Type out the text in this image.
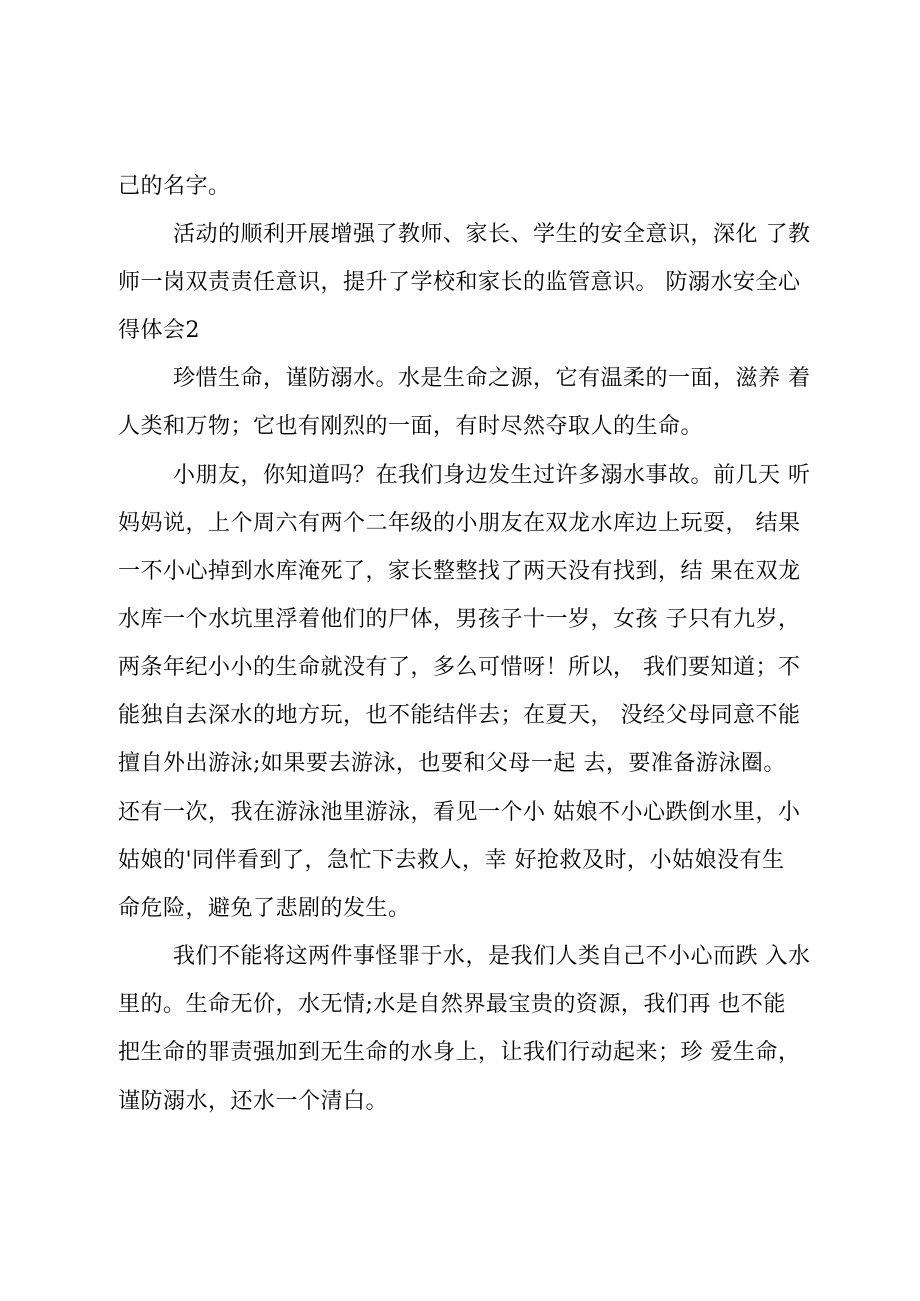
己的名字。
活动的顺利开展增强了教师、家长、学生的安全意识，深化 了教
师一岗双责责任意识，提升了学校和家长的监管意识。 防溺水安全心
得体会2
珍惜生命，谨防溺水。水是生命之源，它有温柔的一面，滋养 着
人类和万物；它也有刚烈的一面，有时尽然夺取人的生命。
小朋友，你知道吗？在我们身边发生过许多溺水事故。前几天 听
妈妈说，上个周六有两个二年级的小朋友在双龙水库边上玩耍， 结果
一不小心掉到水库淹死了，家长整整找了两天没有找到，结 果在双龙
水库一个水坑里浮着他们的尸体，男孩子十一岁，女孩 子只有九岁，
两条年纪小小的生命就没有了，多么可惜呀！所以， 我们要知道；不
能独自去深水的地方玩，也不能结伴去；在夏天， 没经父母同意不能
擅自外出游泳;如果要去游泳，也要和父母一起 去，要准备游泳圈。
还有一次，我在游泳池里游泳，看见一个小 姑娘不小心跌倒水里，小
姑娘的'同伴看到了，急忙下去救人，幸 好抢救及时，小姑娘没有生
命危险，避免了悲剧的发生。
我们不能将这两件事怪罪于水，是我们人类自己不小心而跌 入水
里的。生命无价，水无情;水是自然界最宝贵的资源，我们再 也不能
把生命的罪责强加到无生命的水身上，让我们行动起来；珍 爱生命，
谨防溺水，还水一个清白。
